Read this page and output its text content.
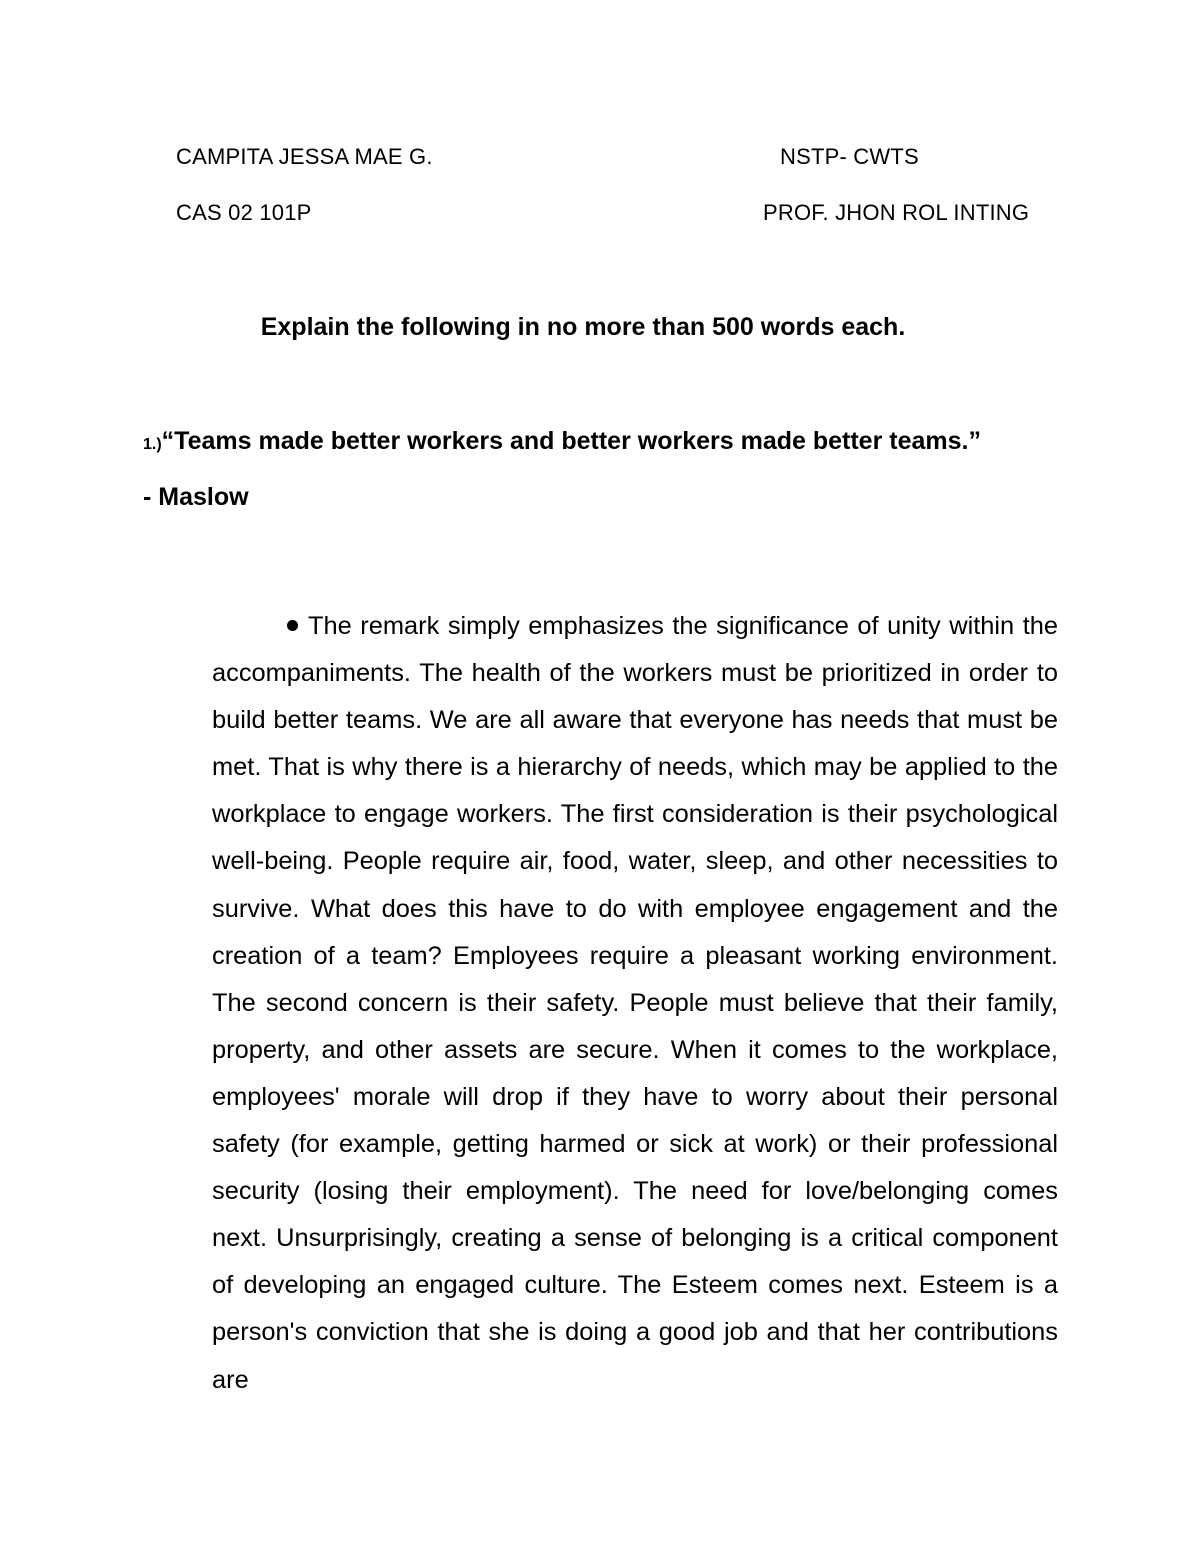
CAMPITA JESSA MAE G.	NSTP- CWTS
CAS 02 101P	PROF. JHON ROL INTING
Explain the following in no more than 500 words each.
1.)“Teams made better workers and better workers made better teams.”
- Maslow

The remark simply emphasizes the significance of unity within the accompaniments. The health of the workers must be prioritized in order to build better teams. We are all aware that everyone has needs that must be met. That is why there is a hierarchy of needs, which may be applied to the workplace to engage workers. The first consideration is their psychological well-being. People require air, food, water, sleep, and other necessities to survive. What does this have to do with employee engagement and the creation of a team? Employees require a pleasant working environment. The second concern is their safety. People must believe that their family, property, and other assets are secure. When it comes to the workplace, employees' morale will drop if they have to worry about their personal safety (for example, getting harmed or sick at work) or their professional security (losing their employment). The need for love/belonging comes next. Unsurprisingly, creating a sense of belonging is a critical component of developing an engaged culture. The Esteem comes next. Esteem is a person's conviction that she is doing a good job and that her contributions are
